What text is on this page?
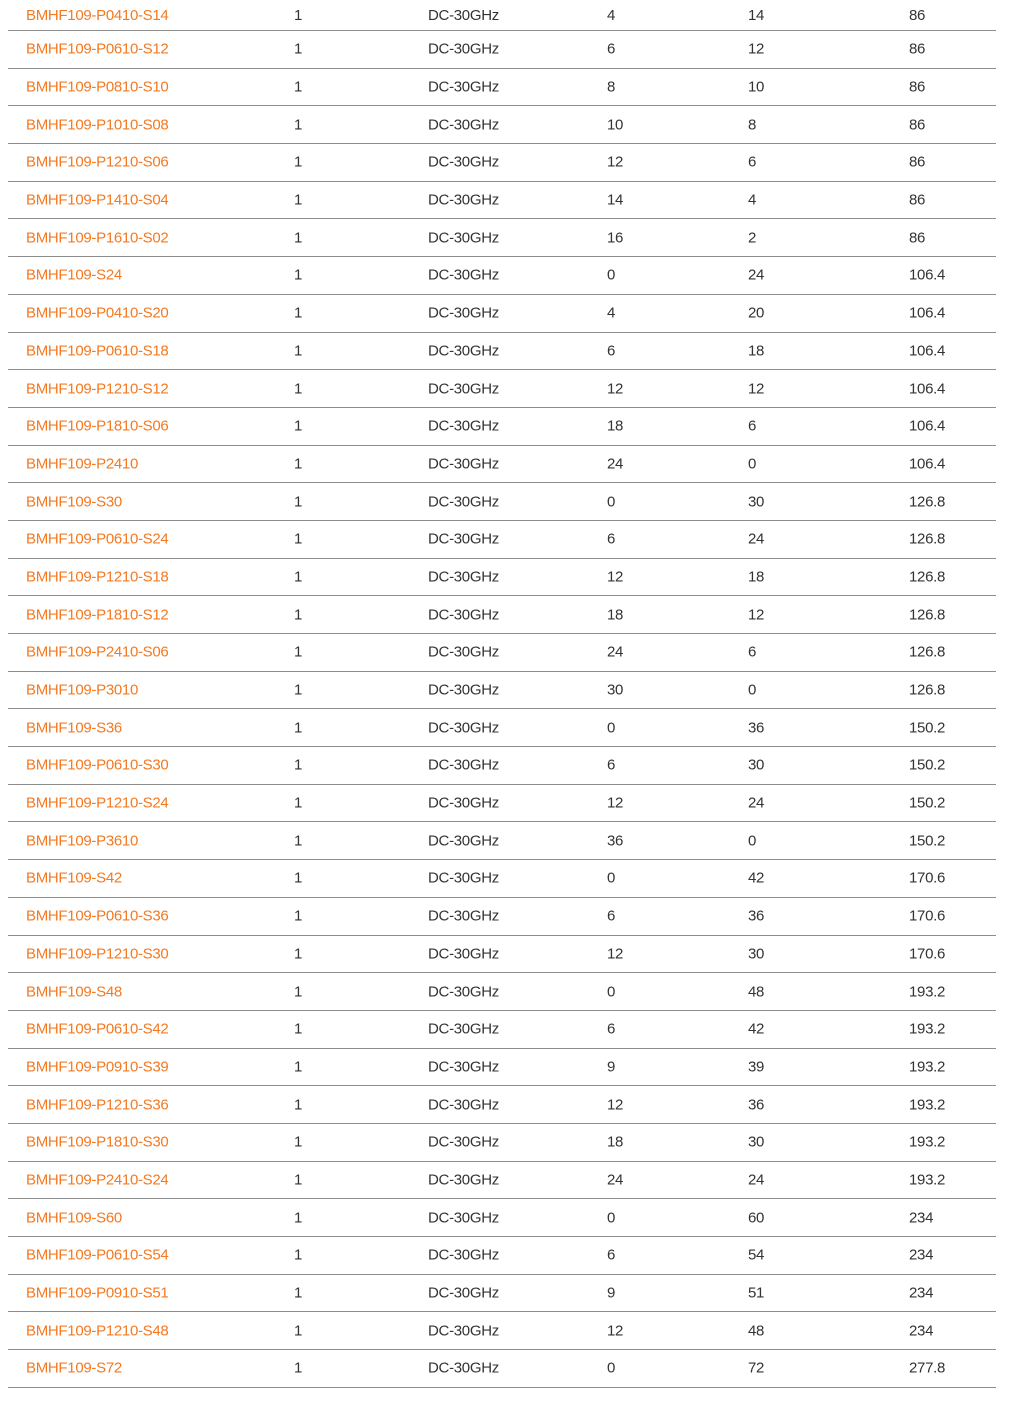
BMHF109-P0410-S14	1	DC-30GHz	4	14	86
BMHF109-P0610-S12	1	DC-30GHz	6	12	86
BMHF109-P0810-S10	1	DC-30GHz	8	10	86
BMHF109-P1010-S08	1	DC-30GHz	10	8	86
BMHF109-P1210-S06	1	DC-30GHz	12	6	86
BMHF109-P1410-S04	1	DC-30GHz	14	4	86
BMHF109-P1610-S02	1	DC-30GHz	16	2	86
BMHF109-S24	1	DC-30GHz	0	24	106.4
BMHF109-P0410-S20	1	DC-30GHz	4	20	106.4
BMHF109-P0610-S18	1	DC-30GHz	6	18	106.4
BMHF109-P1210-S12	1	DC-30GHz	12	12	106.4
BMHF109-P1810-S06	1	DC-30GHz	18	6	106.4
BMHF109-P2410	1	DC-30GHz	24	0	106.4
BMHF109-S30	1	DC-30GHz	0	30	126.8
BMHF109-P0610-S24	1	DC-30GHz	6	24	126.8
BMHF109-P1210-S18	1	DC-30GHz	12	18	126.8
BMHF109-P1810-S12	1	DC-30GHz	18	12	126.8
BMHF109-P2410-S06	1	DC-30GHz	24	6	126.8
BMHF109-P3010	1	DC-30GHz	30	0	126.8
BMHF109-S36	1	DC-30GHz	0	36	150.2
BMHF109-P0610-S30	1	DC-30GHz	6	30	150.2
BMHF109-P1210-S24	1	DC-30GHz	12	24	150.2
BMHF109-P3610	1	DC-30GHz	36	0	150.2
BMHF109-S42	1	DC-30GHz	0	42	170.6
BMHF109-P0610-S36	1	DC-30GHz	6	36	170.6
BMHF109-P1210-S30	1	DC-30GHz	12	30	170.6
BMHF109-S48	1	DC-30GHz	0	48	193.2
BMHF109-P0610-S42	1	DC-30GHz	6	42	193.2
BMHF109-P0910-S39	1	DC-30GHz	9	39	193.2
BMHF109-P1210-S36	1	DC-30GHz	12	36	193.2
BMHF109-P1810-S30	1	DC-30GHz	18	30	193.2
BMHF109-P2410-S24	1	DC-30GHz	24	24	193.2
BMHF109-S60	1	DC-30GHz	0	60	234
BMHF109-P0610-S54	1	DC-30GHz	6	54	234
BMHF109-P0910-S51	1	DC-30GHz	9	51	234
BMHF109-P1210-S48	1	DC-30GHz	12	48	234
BMHF109-S72	1	DC-30GHz	0	72	277.8
